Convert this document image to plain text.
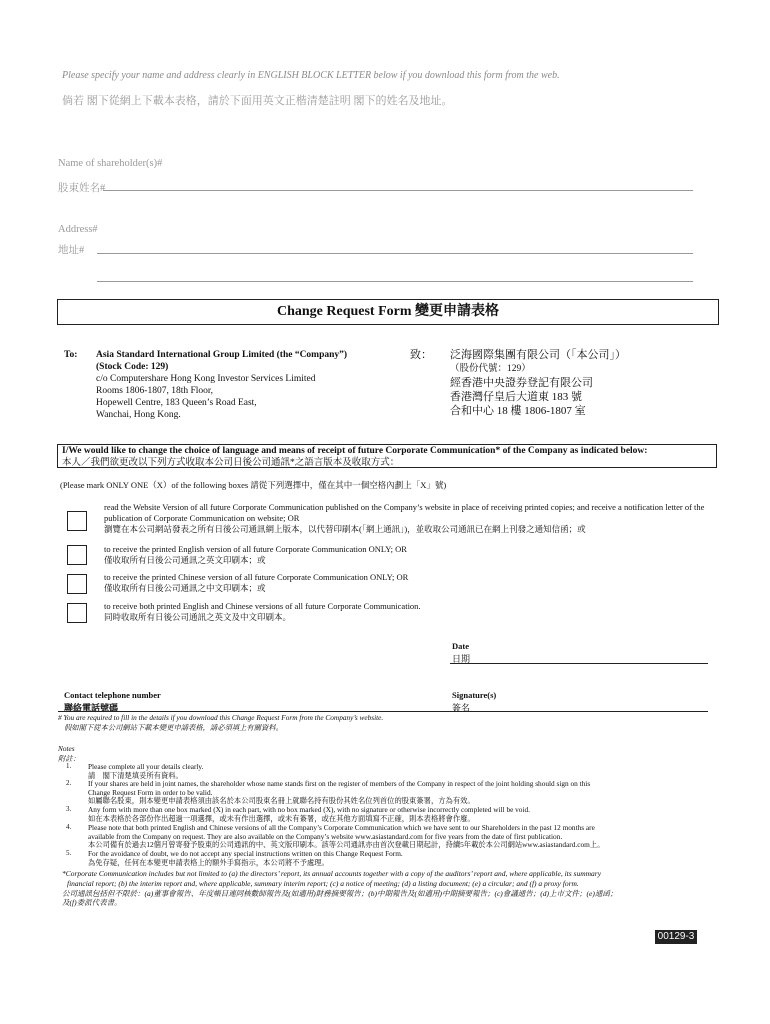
Please specify your name and address clearly in ENGLISH BLOCK LETTER below if you download this form from the web.
倘若 閣下從網上下載本表格，請於下面用英文正楷清楚註明 閣下的姓名及地址。
Name of shareholder(s)#
股東姓名#
Address#
地址#
Change Request Form 變更申請表格
To: Asia Standard International Group Limited (the “Company”)
(Stock Code: 129)
c/o Computershare Hong Kong Investor Services Limited
Rooms 1806-1807, 18th Floor,
Hopewell Centre, 183 Queen’s Road East,
Wanchai, Hong Kong.
致： 泛海國際集團有限公司（「本公司」）
（股份代號：129）
經香港中央證券登記有限公司
香港灣仔皇后大道東 183 號
合和中心 18 樓 1806-1807 室
I/We would like to change the choice of language and means of receipt of future Corporate Communication* of the Company as indicated below:
本人／我們欲更改以下列方式收取本公司日後公司通訊*之語言版本及收取方式：
(Please mark ONLY ONE（X）of the following boxes 請從下列選擇中，僅在其中一個空格內劃上「X」號)
read the Website Version of all future Corporate Communication published on the Company’s website in place of receiving printed copies; and receive a notification letter of the publication of Corporate Communication on website; OR
瀏覽在本公司網站發表之所有日後公司通訊網上版本，以代替印刷本(「網上通訊」)，並收取公司通訊已在網上刊發之通知信函；或
to receive the printed English version of all future Corporate Communication ONLY; OR
僅收取所有日後公司通訊之英文印刷本；或
to receive the printed Chinese version of all future Corporate Communication ONLY; OR
僅收取所有日後公司通訊之中文印刷本；或
to receive both printed English and Chinese versions of all future Corporate Communication.
同時收取所有日後公司通訊之英文及中文印刷本。
Date
日期
Contact telephone number
聯絡電話號碼
Signature(s)
簽名
# You are required to fill in the details if you download this Change Request Form from the Company’s website.
假如閣下從本公司網站下載本變更申請表格，請必須填上有關資料。
Notes
附註：
1. Please complete all your details clearly.
請　閣下清楚填妥所有資料。
2. If your shares are held in joint names, the shareholder whose name stands first on the register of members of the Company in respect of the joint holding should sign on this
Change Request Form in order to be valid.
如屬聯名股東，則本變更申請表格須由該名於本公司股東名冊上就聯名持有股份其姓名位列首位的股東簽署，方為有效。
3. Any form with more than one box marked (X) in each part, with no box marked (X), with no signature or otherwise incorrectly completed will be void.
如在本表格於各部份作出超過一項選擇，或未有作出選擇，或未有簽署，或在其他方面填寫不正確，則本表格將會作廢。
4. Please note that both printed English and Chinese versions of all the Company’s Corporate Communication which we have sent to our Shareholders in the past 12 months are
available from the Company on request. They are also available on the Company’s website www.asiastandard.com for five years from the date of first publication.
本公司備有於過去12個月曾寄發予股東的公司通訊的中、英文版印刷本。該等公司通訊亦由首次登載日期起計，持續5年載於本公司網站www.asiastandard.com上。
5. For the avoidance of doubt, we do not accept any special instructions written on this Change Request Form.
為免存疑，任何在本變更申請表格上的額外手寫指示，本公司將不予處理。
*Corporate Communication includes but not limited to (a) the directors’ report, its annual accounts together with a copy of the auditors’ report and, where applicable, its summary
financial report; (b) the interim report and, where applicable, summary interim report; (c) a notice of meeting; (d) a listing document; (e) a circular; and (f) a proxy form.
公司通訊包括但不限於：(a)董事會報告、年度帳目連同核數師報告及(如適用)財務摘要報告；(b)中期報告及(如適用)中期摘要報告；(c)會議通告；(d)上市文件；(e)通函；
及(f)委派代表書。
00129-3
